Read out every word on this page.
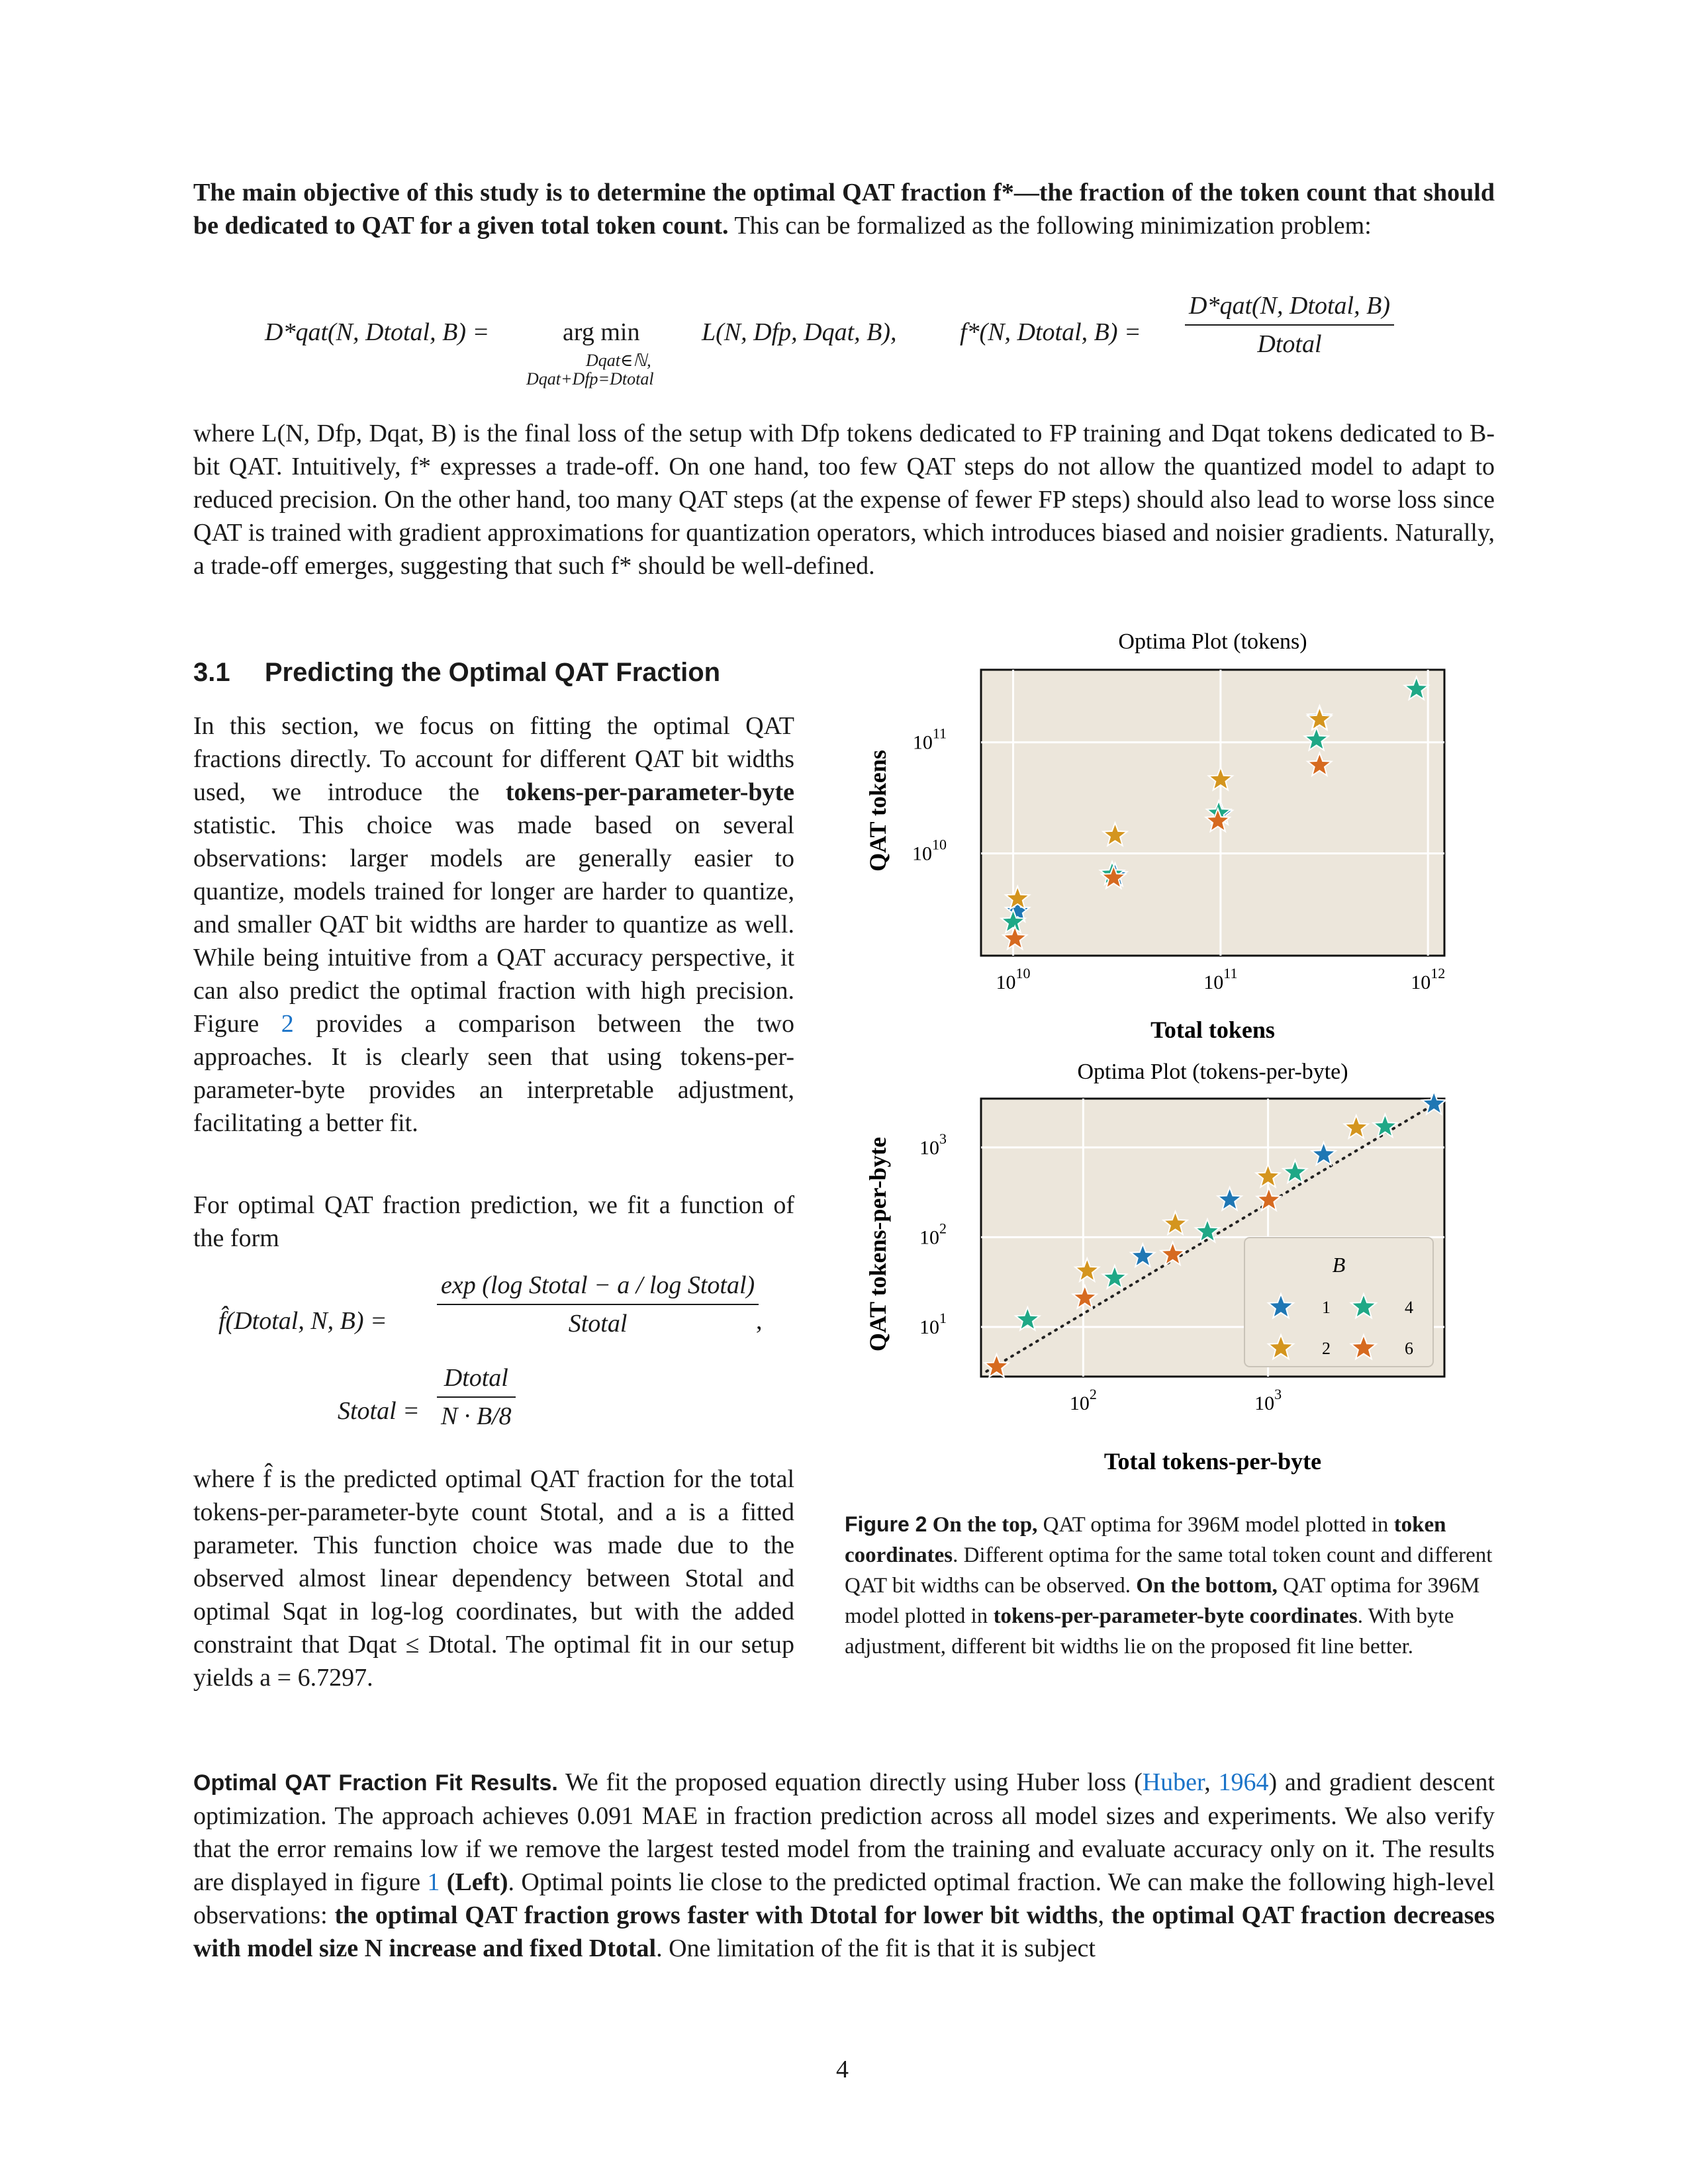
The main objective of this study is to determine the optimal QAT fraction f*—the fraction of the token count that should be dedicated to QAT for a given total token count. This can be formalized as the following minimization problem:
D*qat(N, Dtotal, B) =	arg min
Dqat∈ℕ,
Dqat+Dfp=Dtotal
L(N, Dfp, Dqat, B),	f*(N, Dtotal, B) =
D*qat(N, Dtotal, B)
Dtotal
where L(N, Dfp, Dqat, B) is the final loss of the setup with Dfp tokens dedicated to FP training and Dqat tokens dedicated to B-bit QAT. Intuitively, f* expresses a trade-off. On one hand, too few QAT steps do not allow the quantized model to adapt to reduced precision. On the other hand, too many QAT steps (at the expense of fewer FP steps) should also lead to worse loss since QAT is trained with gradient approximations for quantization operators, which introduces biased and noisier gradients. Naturally, a trade-off emerges, suggesting that such f* should be well-defined.
3.1 Predicting the Optimal QAT Fraction
In this section, we focus on fitting the optimal QAT fractions directly. To account for different QAT bit widths used, we introduce the tokens-per-parameter-byte statistic. This choice was made based on several observations: larger models are generally easier to quantize, models trained for longer are harder to quantize, and smaller QAT bit widths are harder to quantize as well. While being intuitive from a QAT accuracy perspective, it can also predict the optimal fraction with high precision. Figure 2 provides a comparison between the two approaches. It is clearly seen that using tokens-per-parameter-byte provides an interpretable adjustment, facilitating a better fit.
For optimal QAT fraction prediction, we fit a function of the form
f̂(Dtotal, N, B) =
exp (log Stotal − a / log Stotal)
Stotal	,
Stotal =
Dtotal
N · B/8
where f̂ is the predicted optimal QAT fraction for the total tokens-per-parameter-byte count Stotal, and a is a fitted parameter. This function choice was made due to the observed almost linear dependency between Stotal and optimal Sqat in log-log coordinates, but with the added constraint that Dqat ≤ Dtotal. The optimal fit in our setup yields a = 6.7297.
Optima Plot (tokens)
QAT tokens
Total tokens
$10^{10}$	$10^{11}$	$10^{12}$
$10^{10}$
$10^{11}$
Optima Plot (tokens-per-byte)
QAT tokens-per-byte
Total tokens-per-byte
$10^2$	$10^3$
$10^1$
$10^2$
$10^3$
B
1	4
2	6
Figure 2 On the top, QAT optima for 396M model plotted in token coordinates. Different optima for the same total token count and different QAT bit widths can be observed. On the bottom, QAT optima for 396M model plotted in tokens-per-parameter-byte coordinates. With byte adjustment, different bit widths lie on the proposed fit line better.
Optimal QAT Fraction Fit Results. We fit the proposed equation directly using Huber loss (Huber, 1964) and gradient descent optimization. The approach achieves 0.091 MAE in fraction prediction across all model sizes and experiments. We also verify that the error remains low if we remove the largest tested model from the training and evaluate accuracy only on it. The results are displayed in figure 1 (Left). Optimal points lie close to the predicted optimal fraction. We can make the following high-level observations: the optimal QAT fraction grows faster with Dtotal for lower bit widths, the optimal QAT fraction decreases with model size N increase and fixed Dtotal. One limitation of the fit is that it is subject
4
